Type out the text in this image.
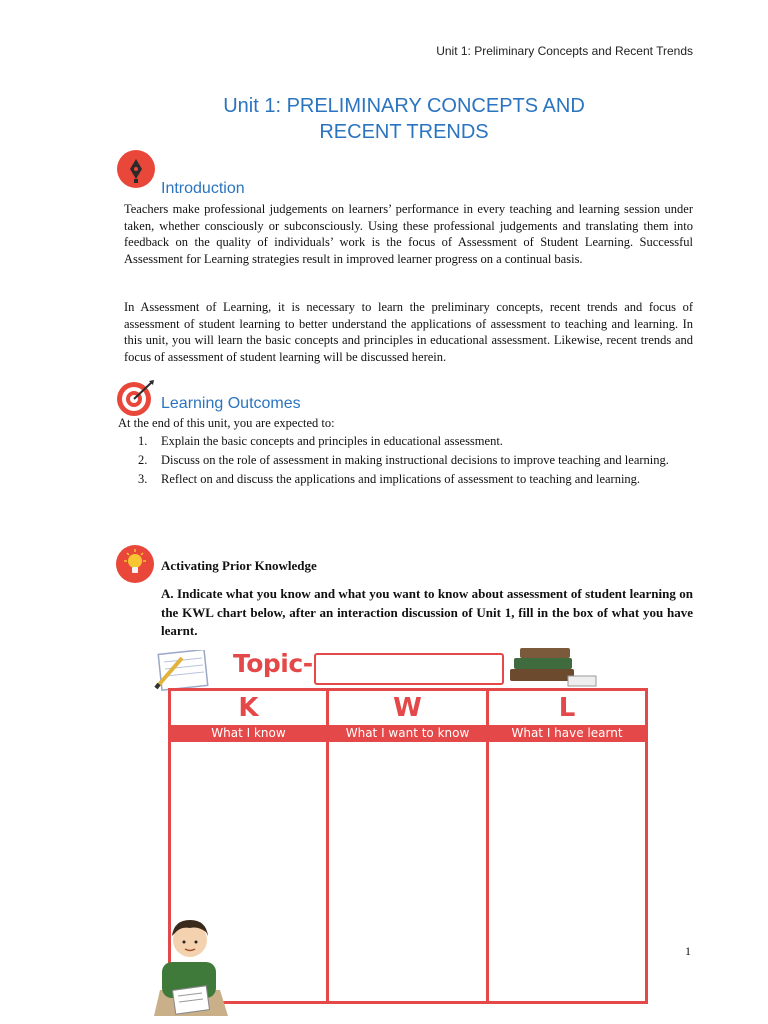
Unit 1: Preliminary Concepts and Recent Trends
Unit 1: PRELIMINARY CONCEPTS AND
RECENT TRENDS
Introduction

Teachers make professional judgements on learners’ performance in every teaching and learning session under taken, whether consciously or subconsciously. Using these professional judgements and translating them into feedback on the quality of individuals’ work is the focus of Assessment of Student Learning. Successful Assessment for Learning strategies result in improved learner progress on a continual basis.

In Assessment of Learning, it is necessary to learn the preliminary concepts, recent trends and focus of assessment of student learning to better understand the applications of assessment to teaching and learning. In this unit, you will learn the basic concepts and principles in educational assessment. Likewise, recent trends and focus of assessment of student learning will be discussed herein.

Learning Outcomes
At the end of this unit, you are expected to:
1. Explain the basic concepts and principles in educational assessment.
2. Discuss on the role of assessment in making instructional decisions to improve teaching and learning.
3. Reflect on and discuss the applications and implications of assessment to teaching and learning.
Activating Prior Knowledge

A. Indicate what you know and what you want to know about assessment of student learning on the KWL chart below, after an interaction discussion of Unit 1, fill in the box of what you have learnt.

Topic-
K
What I know
W
What I want to know
L
What I have learnt
1
